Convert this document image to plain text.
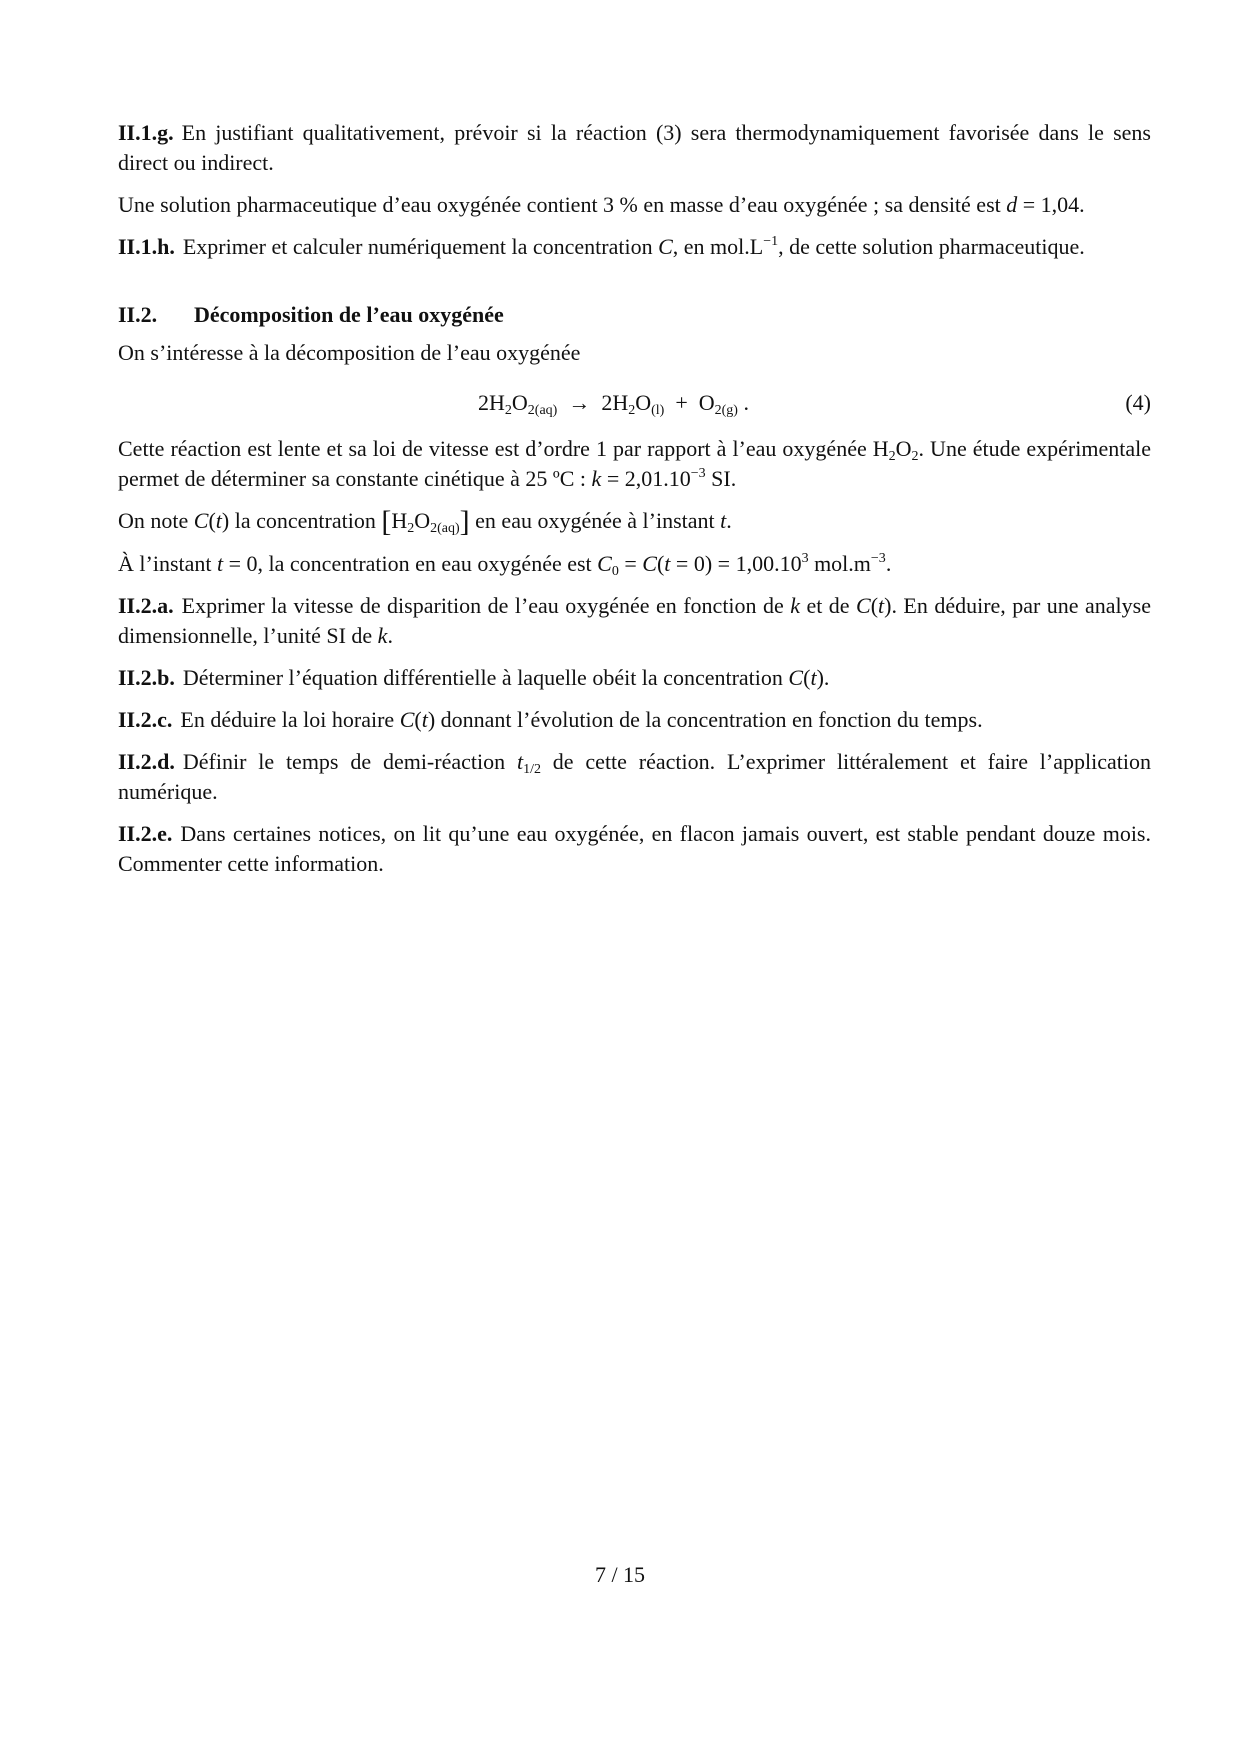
II.1.g. En justifiant qualitativement, prévoir si la réaction (3) sera thermodynamiquement favorisée dans le sens direct ou indirect.

Une solution pharmaceutique d’eau oxygénée contient 3 % en masse d’eau oxygénée ; sa densité est d = 1,04.

II.1.h. Exprimer et calculer numériquement la concentration C, en $mol.L^{-1}$, de cette solution pharmaceutique.

II.2. Décomposition de l’eau oxygénée

On s’intéresse à la décomposition de l’eau oxygénée

$2H_2O_{2(aq)} \to 2H_2O_{(l)} + O_{2(g)}$ .	(4)

Cette réaction est lente et sa loi de vitesse est d’ordre 1 par rapport à l’eau oxygénée $H_2O_2$. Une étude expérimentale permet de déterminer sa constante cinétique à 25 ºC : $k = 2,01.10^{-3}$ SI.

On note C(t) la concentration $[H_2O_{2(aq)}]$ en eau oxygénée à l’instant t.

À l’instant t = 0, la concentration en eau oxygénée est $C_0 = C(t = 0) = 1,00.10^3$ $mol.m^{-3}$.

II.2.a. Exprimer la vitesse de disparition de l’eau oxygénée en fonction de k et de C(t). En déduire, par une analyse dimensionnelle, l’unité SI de k.

II.2.b. Déterminer l’équation différentielle à laquelle obéit la concentration C(t).

II.2.c. En déduire la loi horaire C(t) donnant l’évolution de la concentration en fonction du temps.

II.2.d. Définir le temps de demi-réaction $t_{1/2}$ de cette réaction. L’exprimer littéralement et faire l’application numérique.

II.2.e. Dans certaines notices, on lit qu’une eau oxygénée, en flacon jamais ouvert, est stable pendant douze mois. Commenter cette information.

7 / 15
